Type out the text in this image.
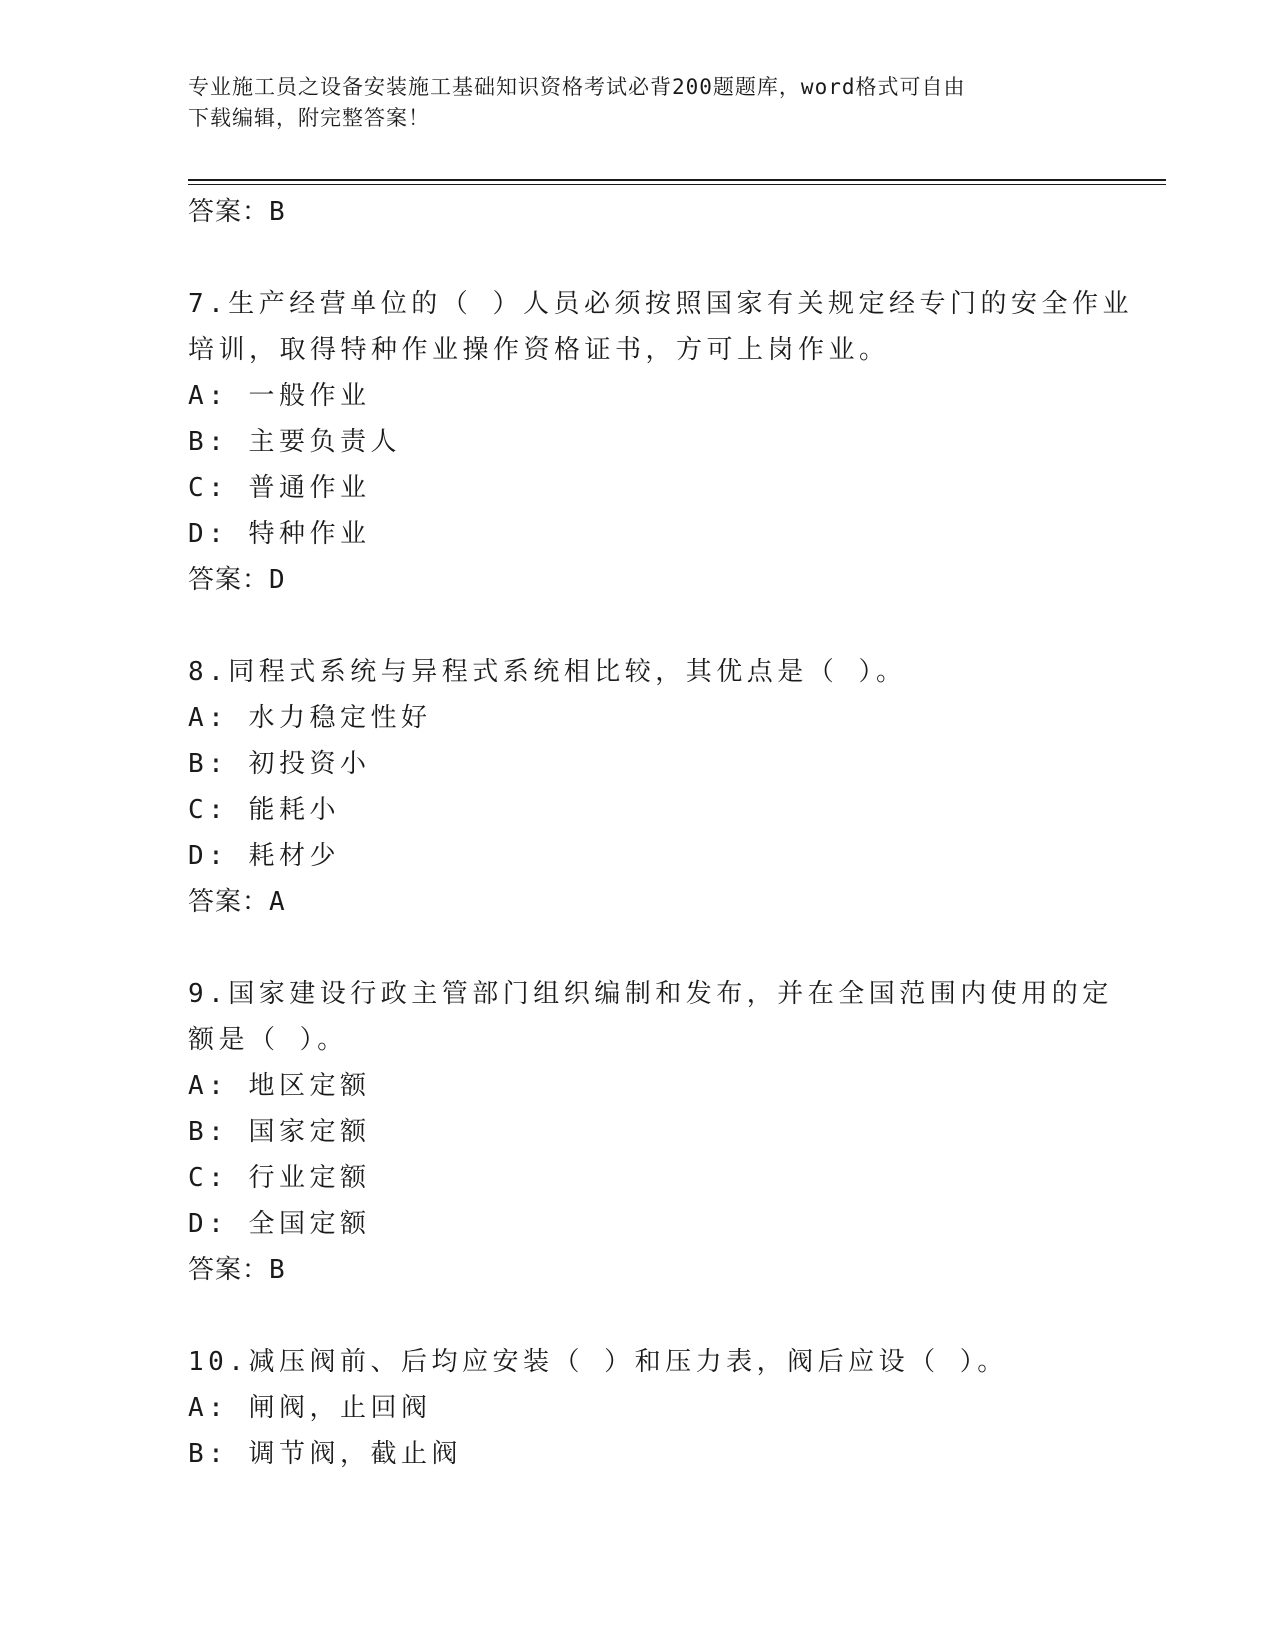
专业施工员之设备安装施工基础知识资格考试必背200题题库，word格式可自由
下载编辑，附完整答案！
答案：B
7.生产经营单位的（ ）人员必须按照国家有关规定经专门的安全作业
培训，取得特种作业操作资格证书，方可上岗作业。
A: 一般作业
B: 主要负责人
C: 普通作业
D: 特种作业
答案：D
8.同程式系统与异程式系统相比较，其优点是（ ）。
A: 水力稳定性好
B: 初投资小
C: 能耗小
D: 耗材少
答案：A
9.国家建设行政主管部门组织编制和发布，并在全国范围内使用的定
额是（ ）。
A: 地区定额
B: 国家定额
C: 行业定额
D: 全国定额
答案：B
10.减压阀前、后均应安装（ ）和压力表，阀后应设（ ）。
A: 闸阀，止回阀
B: 调节阀，截止阀
